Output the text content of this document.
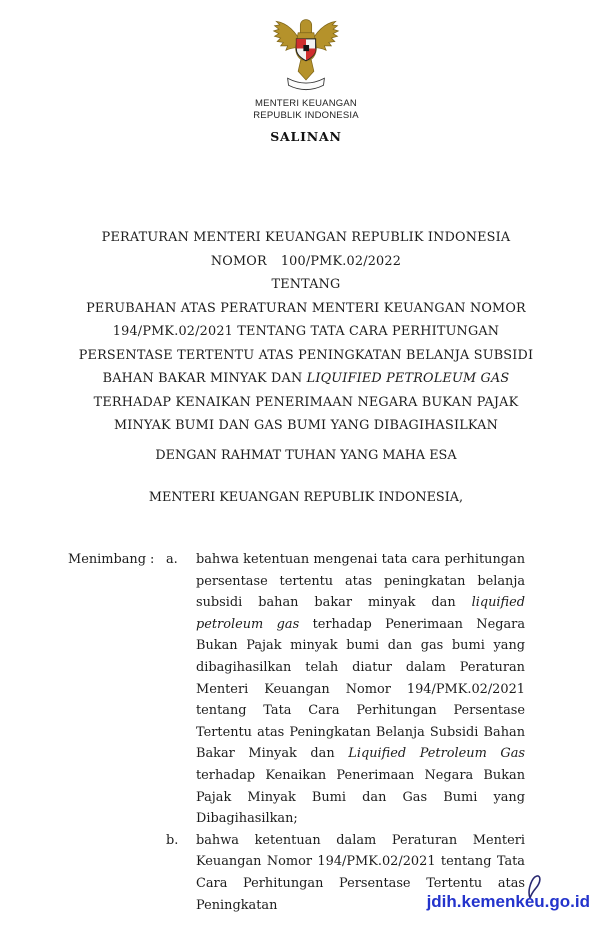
MENTERI KEUANGAN
REPUBLIK INDONESIA
SALINAN
PERATURAN MENTERI KEUANGAN REPUBLIK INDONESIA
NOMOR 100/PMK.02/2022
TENTANG
PERUBAHAN ATAS PERATURAN MENTERI KEUANGAN NOMOR 194/PMK.02/2021 TENTANG TATA CARA PERHITUNGAN PERSENTASE TERTENTU ATAS PENINGKATAN BELANJA SUBSIDI BAHAN BAKAR MINYAK DAN LIQUIFIED PETROLEUM GAS TERHADAP KENAIKAN PENERIMAAN NEGARA BUKAN PAJAK MINYAK BUMI DAN GAS BUMI YANG DIBAGIHASILKAN
DENGAN RAHMAT TUHAN YANG MAHA ESA
MENTERI KEUANGAN REPUBLIK INDONESIA,
Menimbang : a.	bahwa ketentuan mengenai tata cara perhitungan persentase tertentu atas peningkatan belanja subsidi bahan bakar minyak dan liquified petroleum gas terhadap Penerimaan Negara Bukan Pajak minyak bumi dan gas bumi yang dibagihasilkan telah diatur dalam Peraturan Menteri Keuangan Nomor 194/PMK.02/2021 tentang Tata Cara Perhitungan Persentase Tertentu atas Peningkatan Belanja Subsidi Bahan Bakar Minyak dan Liquified Petroleum Gas terhadap Kenaikan Penerimaan Negara Bukan Pajak Minyak Bumi dan Gas Bumi yang Dibagihasilkan;
b.	bahwa ketentuan dalam Peraturan Menteri Keuangan Nomor 194/PMK.02/2021 tentang Tata Cara Perhitungan Persentase Tertentu atas Peningkatan	jdih.kemenkeu.go.id
